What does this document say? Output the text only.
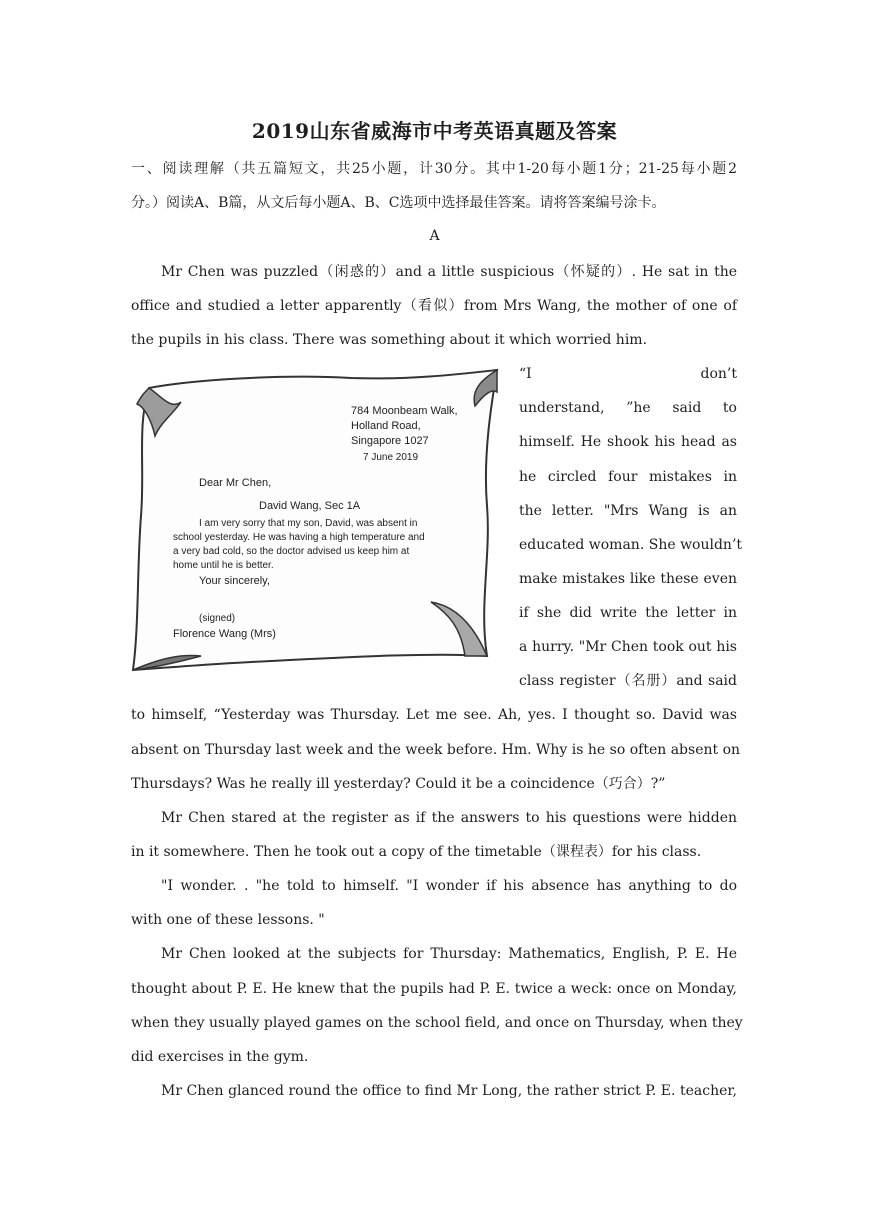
2019山东省威海市中考英语真题及答案
一、阅读理解（共五篇短文，共25小题，计30分。其中1-20每小题1分；21-25每小题2
分。）阅读A、B篇，从文后每小题A、B、C选项中选择最佳答案。请将答案编号涂卡。
A
Mr Chen was puzzled（闲惑的）and a little suspicious（怀疑的）. He sat in the
office and studied a letter apparently（看似）from Mrs Wang, the mother of one of
the pupils in his class. There was something about it which worried him.
784 Moonbeam Walk,
Holland Road,
Singapore 1027
7 June 2019
Dear Mr Chen,
David Wang, Sec 1A
I am very sorry that my son, David, was absent in
school yesterday. He was having a high temperature and
a very bad cold, so the doctor advised us keep him at
home until he is better.
Your sincerely,
(signed)
Florence Wang (Mrs)
“I don’t
understand, ”he said to
himself. He shook his head as
he circled four mistakes in
the letter. "Mrs Wang is an
educated woman. She wouldn’t
make mistakes like these even
if she did write the letter in
a hurry. "Mr Chen took out his
class register（名册）and said
to himself, “Yesterday was Thursday. Let me see. Ah, yes. I thought so. David was
absent on Thursday last week and the week before. Hm. Why is he so often absent on
Thursdays? Was he really ill yesterday? Could it be a coincidence（巧合）?”
Mr Chen stared at the register as if the answers to his questions were hidden
in it somewhere. Then he took out a copy of the timetable（课程表）for his class.
"I wonder. . "he told to himself. "I wonder if his absence has anything to do
with one of these lessons. "
Mr Chen looked at the subjects for Thursday: Mathematics, English, P. E. He
thought about P. E. He knew that the pupils had P. E. twice a weck: once on Monday,
when they usually played games on the school field, and once on Thursday, when they
did exercises in the gym.
Mr Chen glanced round the office to find Mr Long, the rather strict P. E. teacher,
